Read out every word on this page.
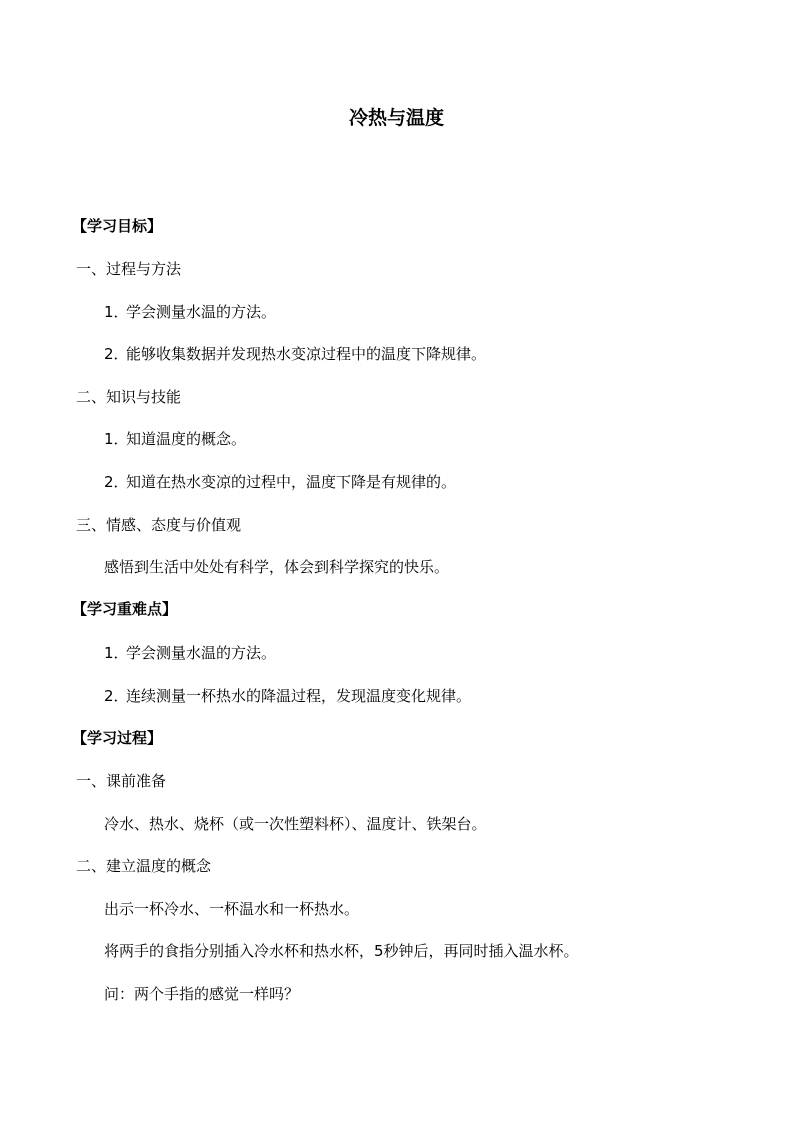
冷热与温度
【学习目标】
一、过程与方法
1．学会测量水温的方法。
2．能够收集数据并发现热水变凉过程中的温度下降规律。
二、知识与技能
1．知道温度的概念。
2．知道在热水变凉的过程中，温度下降是有规律的。
三、情感、态度与价值观
感悟到生活中处处有科学，体会到科学探究的快乐。
【学习重难点】
1．学会测量水温的方法。
2．连续测量一杯热水的降温过程，发现温度变化规律。
【学习过程】
一、课前准备
冷水、热水、烧杯（或一次性塑料杯）、温度计、铁架台。
二、建立温度的概念
出示一杯冷水、一杯温水和一杯热水。
将两手的食指分别插入冷水杯和热水杯，5秒钟后，再同时插入温水杯。
问：两个手指的感觉一样吗？
